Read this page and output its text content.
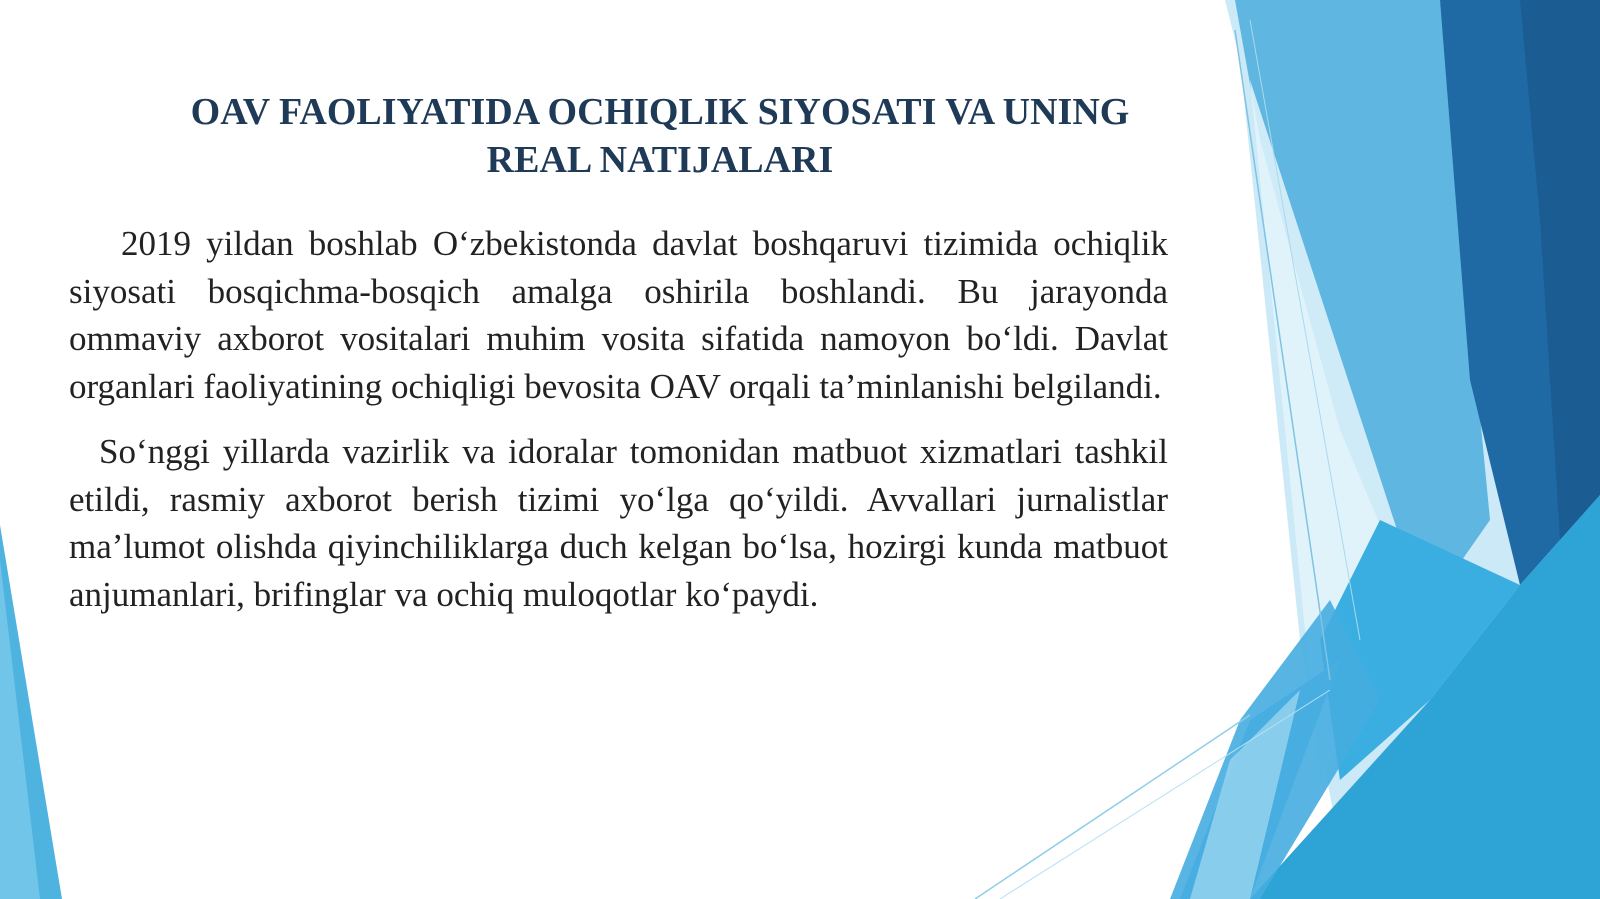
OAV FAOLIYATIDA OCHIQLIK SIYOSATI VA UNING
REAL NATIJALARI

2019 yildan boshlab O‘zbekistonda davlat boshqaruvi tizimida ochiqlik siyosati bosqichma-bosqich amalga oshirila boshlandi. Bu jarayonda ommaviy axborot vositalari muhim vosita sifatida namoyon bo‘ldi. Davlat organlari faoliyatining ochiqligi bevosita OAV orqali ta’minlanishi belgilandi.

So‘nggi yillarda vazirlik va idoralar tomonidan matbuot xizmatlari tashkil etildi, rasmiy axborot berish tizimi yo‘lga qo‘yildi. Avvallari jurnalistlar ma’lumot olishda qiyinchiliklarga duch kelgan bo‘lsa, hozirgi kunda matbuot anjumanlari, brifinglar va ochiq muloqotlar ko‘paydi.
